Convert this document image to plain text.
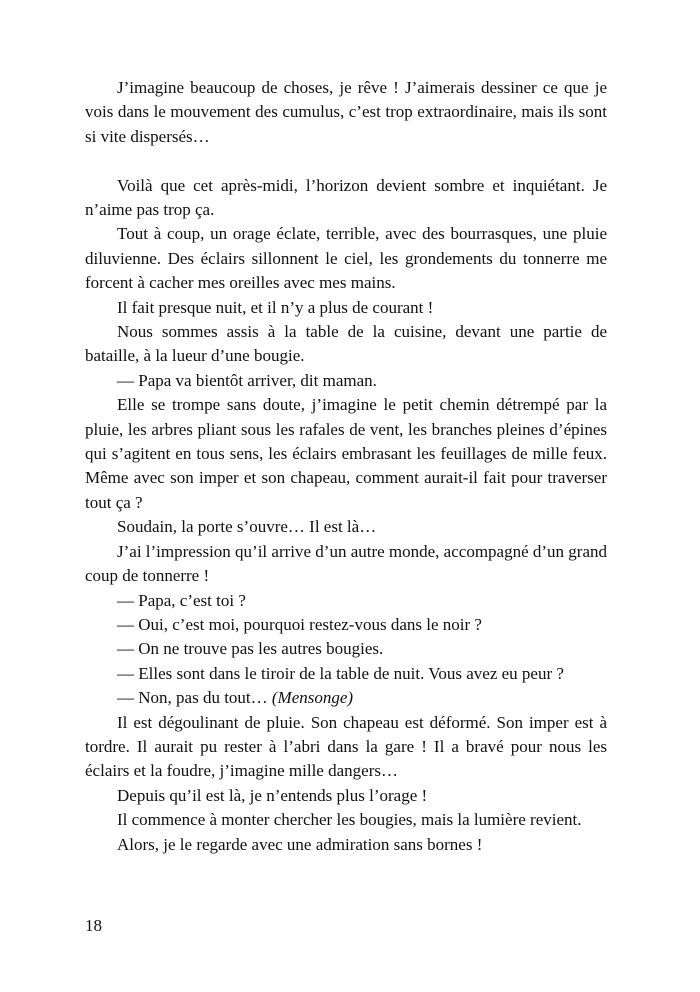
J’imagine beaucoup de choses, je rêve ! J’aimerais dessiner ce que je vois dans le mouvement des cumulus, c’est trop extraordinaire, mais ils sont si vite dispersés…

Voilà que cet après-midi, l’horizon devient sombre et inquiétant. Je n’aime pas trop ça.

Tout à coup, un orage éclate, terrible, avec des bourrasques, une pluie diluvienne. Des éclairs sillonnent le ciel, les grondements du tonnerre me forcent à cacher mes oreilles avec mes mains.

Il fait presque nuit, et il n’y a plus de courant !

Nous sommes assis à la table de la cuisine, devant une partie de bataille, à la lueur d’une bougie.

— Papa va bientôt arriver, dit maman.

Elle se trompe sans doute, j’imagine le petit chemin détrempé par la pluie, les arbres pliant sous les rafales de vent, les branches pleines d’épines qui s’agitent en tous sens, les éclairs embrasant les feuillages de mille feux. Même avec son imper et son chapeau, comment aurait-il fait pour traverser tout ça ?

Soudain, la porte s’ouvre… Il est là…

J’ai l’impression qu’il arrive d’un autre monde, accompagné d’un grand coup de tonnerre !

— Papa, c’est toi ?

— Oui, c’est moi, pourquoi restez-vous dans le noir ?

— On ne trouve pas les autres bougies.

— Elles sont dans le tiroir de la table de nuit. Vous avez eu peur ?

— Non, pas du tout… (Mensonge)

Il est dégoulinant de pluie. Son chapeau est déformé. Son imper est à tordre. Il aurait pu rester à l’abri dans la gare ! Il a bravé pour nous les éclairs et la foudre, j’imagine mille dangers…

Depuis qu’il est là, je n’entends plus l’orage !

Il commence à monter chercher les bougies, mais la lumière revient.

Alors, je le regarde avec une admiration sans bornes !

18
